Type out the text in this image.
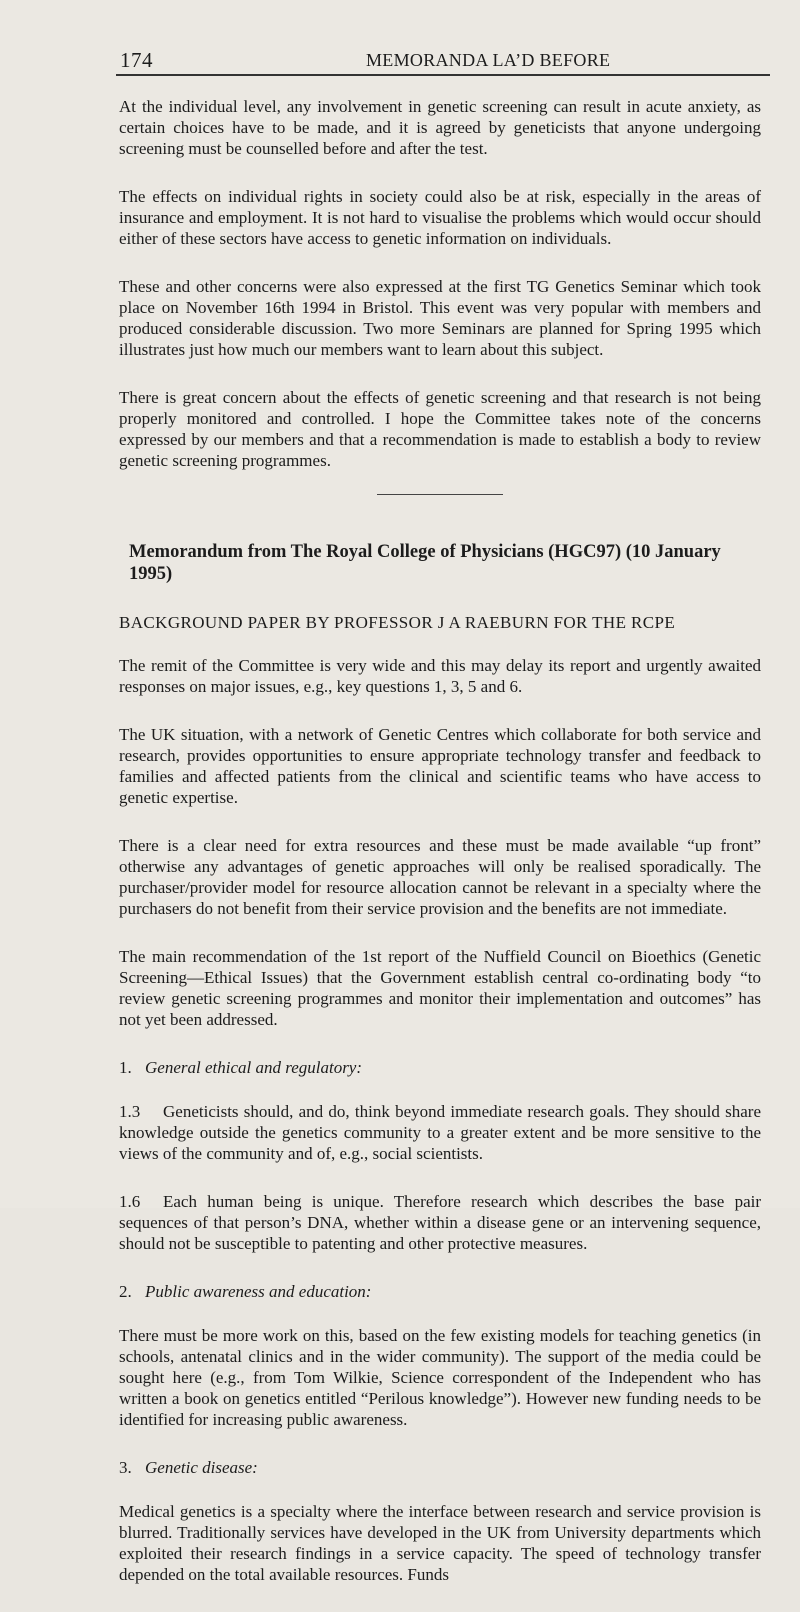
174	MEMORANDA LA’D BEFORE

At the individual level, any involvement in genetic screening can result in acute anxiety, as certain choices have to be made, and it is agreed by geneticists that anyone undergoing screening must be counselled before and after the test.

The effects on individual rights in society could also be at risk, especially in the areas of insurance and employment. It is not hard to visualise the problems which would occur should either of these sectors have access to genetic information on individuals.

These and other concerns were also expressed at the first TG Genetics Seminar which took place on November 16th 1994 in Bristol. This event was very popular with members and produced considerable discussion. Two more Seminars are planned for Spring 1995 which illustrates just how much our members want to learn about this subject.

There is great concern about the effects of genetic screening and that research is not being properly monitored and controlled. I hope the Committee takes note of the concerns expressed by our members and that a recommendation is made to establish a body to review genetic screening programmes.

Memorandum from The Royal College of Physicians (HGC97) (10 January 1995)
BACKGROUND PAPER BY PROFESSOR J A RAEBURN FOR THE RCPE

The remit of the Committee is very wide and this may delay its report and urgently awaited responses on major issues, e.g., key questions 1, 3, 5 and 6.

The UK situation, with a network of Genetic Centres which collaborate for both service and research, provides opportunities to ensure appropriate technology transfer and feedback to families and affected patients from the clinical and scientific teams who have access to genetic expertise.

There is a clear need for extra resources and these must be made available “up front” otherwise any advantages of genetic approaches will only be realised sporadically. The purchaser/provider model for resource allocation cannot be relevant in a specialty where the purchasers do not benefit from their service provision and the benefits are not immediate.

The main recommendation of the 1st report of the Nuffield Council on Bioethics (Genetic Screening—Ethical Issues) that the Government establish central co-ordinating body “to review genetic screening programmes and monitor their implementation and outcomes” has not yet been addressed.

1. General ethical and regulatory:

1.3 Geneticists should, and do, think beyond immediate research goals. They should share knowledge outside the genetics community to a greater extent and be more sensitive to the views of the community and of, e.g., social scientists.

1.6 Each human being is unique. Therefore research which describes the base pair sequences of that person’s DNA, whether within a disease gene or an intervening sequence, should not be susceptible to patenting and other protective measures.

2. Public awareness and education:

There must be more work on this, based on the few existing models for teaching genetics (in schools, antenatal clinics and in the wider community). The support of the media could be sought here (e.g., from Tom Wilkie, Science correspondent of the Independent who has written a book on genetics entitled “Perilous knowledge”). However new funding needs to be identified for increasing public awareness.

3. Genetic disease:

Medical genetics is a specialty where the interface between research and service provision is blurred. Traditionally services have developed in the UK from University departments which exploited their research findings in a service capacity. The speed of technology transfer depended on the total available resources. Funds
